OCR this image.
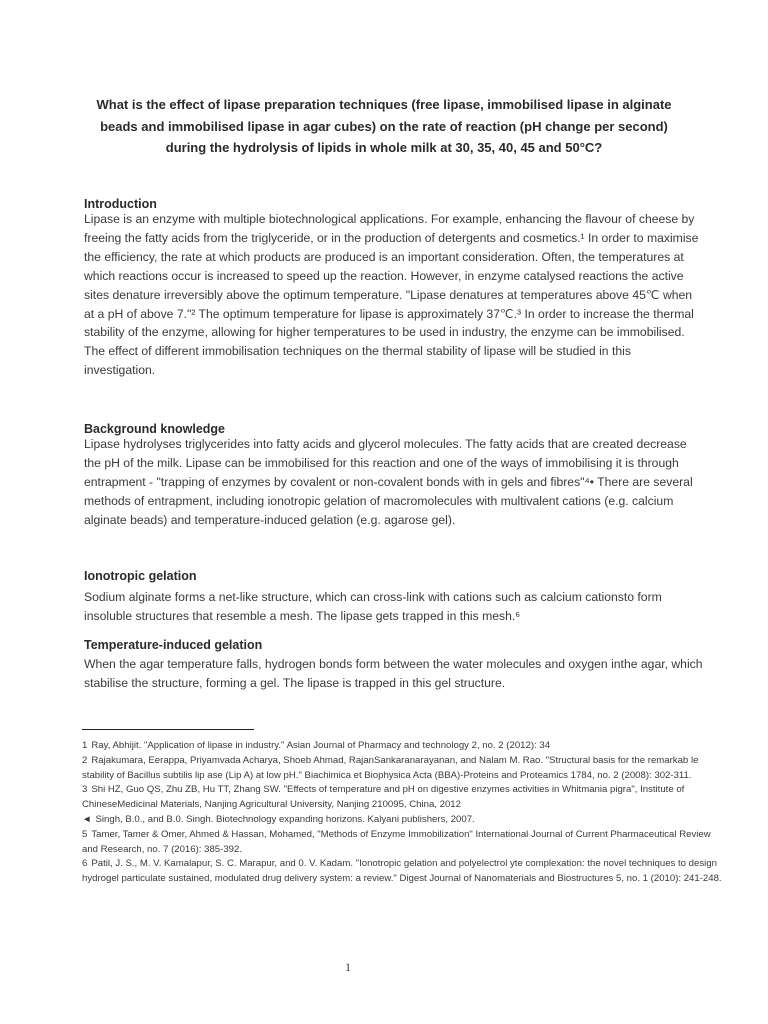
What is the effect of lipase preparation techniques (free lipase, immobilised lipase in alginate beads and immobilised lipase in agar cubes) on the rate of reaction (pH change per second) during the hydrolysis of lipids in whole milk at 30, 35, 40, 45 and 50°C?
Introduction

Lipase is an enzyme with multiple biotechnological applications. For example, enhancing the flavour of cheese by freeing the fatty acids from the triglyceride, or in the production of detergents and cosmetics.¹ In order to maximise the efficiency, the rate at which products are produced is an important consideration. Often, the temperatures at which reactions occur is increased to speed up the reaction. However, in enzyme catalysed reactions the active sites denature irreversibly above the optimum temperature. "Lipase denatures at temperatures above 45℃ when at a pH of above 7."² The optimum temperature for lipase is approximately 37℃.³ In order to increase the thermal stability of the enzyme, allowing for higher temperatures to be used in industry, the enzyme can be immobilised. The effect of different immobilisation techniques on the thermal stability of lipase will be studied in this investigation.

Background knowledge

Lipase hydrolyses triglycerides into fatty acids and glycerol molecules. The fatty acids that are created decrease the pH of the milk. Lipase can be immobilised for this reaction and one of the ways of immobilising it is through entrapment - "trapping of enzymes by covalent or non-covalent bonds with in gels and fibres"⁴• There are several methods of entrapment, including ionotropic gelation of macromolecules with multivalent cations (e.g. calcium alginate beads) and temperature-induced gelation (e.g. agarose gel).

Ionotropic gelation

Sodium alginate forms a net-like structure, which can cross-link with cations such as calcium cationsto form insoluble structures that resemble a mesh. The lipase gets trapped in this mesh.⁶

Temperature-induced gelation

When the agar temperature falls, hydrogen bonds form between the water molecules and oxygen inthe agar, which stabilise the structure, forming a gel. The lipase is trapped in this gel structure.

1 Ray, Abhijit. "Application of lipase in industry." Asian Journal of Pharmacy and technology 2, no. 2 (2012): 34
2 Rajakumara, Eerappa, Priyamvada Acharya, Shoeb Ahmad, RajanSankaranarayanan, and Nalam M. Rao. "Structural basis for the remarkab le stability of Bacillus subtilis lip ase (Lip A) at low pH." Biachimica et Biophysica Acta (BBA)-Proteins and Proteamics 1784, no. 2 (2008): 302-311.
3 Shi HZ, Guo QS, Zhu ZB, Hu TT, Zhang SW. "Effects of temperature and pH on digestive enzymes activities in Whitmania pigra", Institute of ChineseMedicinal Materials, Nanjing Agricultural University, Nanjing 210095, China, 2012
◄ Singh, B.0., and B.0. Singh. Biotechnology expanding horizons. Kalyani publishers, 2007.
5 Tamer, Tamer & Omer, Ahmed & Hassan, Mohamed, "Methods of Enzyme Immobilization" International Journal of Current Pharmaceutical Review and Research, no. 7 (2016): 385-392.
6 Patil, J. S., M. V. Kamalapur, S. C. Marapur, and 0. V. Kadam. "Ionotropic gelation and polyelectrol yte complexation: the novel techniques to design hydrogel particulate sustained, modulated drug delivery system: a review." Digest Journal of Nanomaterials and Biostructures 5, no. 1 (2010): 241-248.
1
